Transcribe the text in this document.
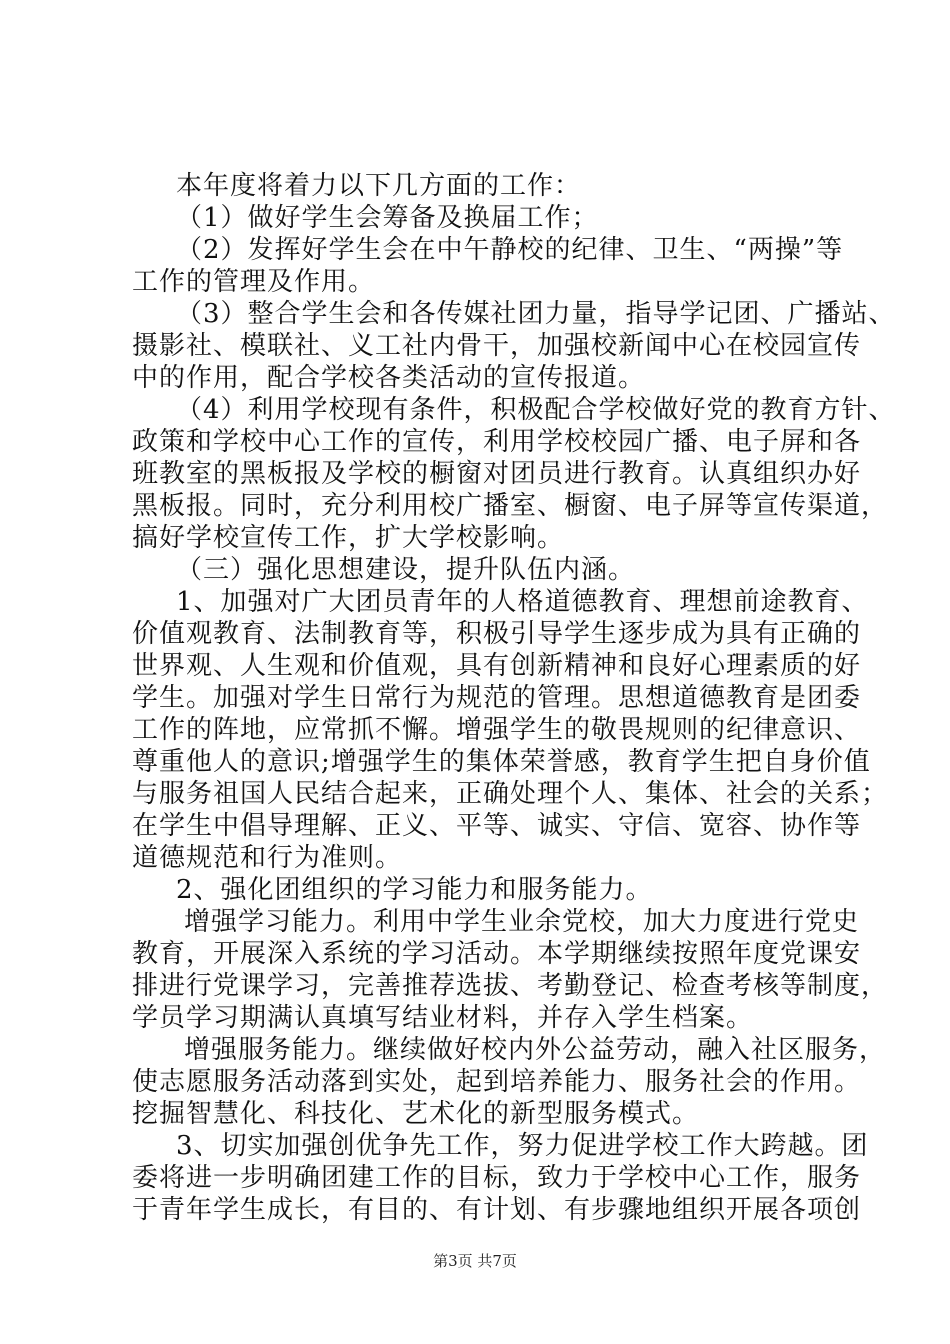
本年度将着力以下几方面的工作：
（1）做好学生会筹备及换届工作；
（2）发挥好学生会在中午静校的纪律、卫生、“两操”等
工作的管理及作用。
（3）整合学生会和各传媒社团力量，指导学记团、广播站、
摄影社、模联社、义工社内骨干，加强校新闻中心在校园宣传
中的作用，配合学校各类活动的宣传报道。
（4）利用学校现有条件，积极配合学校做好党的教育方针、
政策和学校中心工作的宣传，利用学校校园广播、电子屏和各
班教室的黑板报及学校的橱窗对团员进行教育。认真组织办好
黑板报。同时，充分利用校广播室、橱窗、电子屏等宣传渠道，
搞好学校宣传工作，扩大学校影响。
（三）强化思想建设，提升队伍内涵。
1、加强对广大团员青年的人格道德教育、理想前途教育、
价值观教育、法制教育等，积极引导学生逐步成为具有正确的
世界观、人生观和价值观，具有创新精神和良好心理素质的好
学生。加强对学生日常行为规范的管理。思想道德教育是团委
工作的阵地，应常抓不懈。增强学生的敬畏规则的纪律意识、
尊重他人的意识;增强学生的集体荣誉感，教育学生把自身价值
与服务祖国人民结合起来，正确处理个人、集体、社会的关系；
在学生中倡导理解、正义、平等、诚实、守信、宽容、协作等
道德规范和行为准则。
2、强化团组织的学习能力和服务能力。
增强学习能力。利用中学生业余党校，加大力度进行党史
教育，开展深入系统的学习活动。本学期继续按照年度党课安
排进行党课学习，完善推荐选拔、考勤登记、检查考核等制度，
学员学习期满认真填写结业材料，并存入学生档案。
增强服务能力。继续做好校内外公益劳动，融入社区服务，
使志愿服务活动落到实处，起到培养能力、服务社会的作用。
挖掘智慧化、科技化、艺术化的新型服务模式。
3、切实加强创优争先工作，努力促进学校工作大跨越。团
委将进一步明确团建工作的目标，致力于学校中心工作，服务
于青年学生成长，有目的、有计划、有步骤地组织开展各项创
第3页 共7页
